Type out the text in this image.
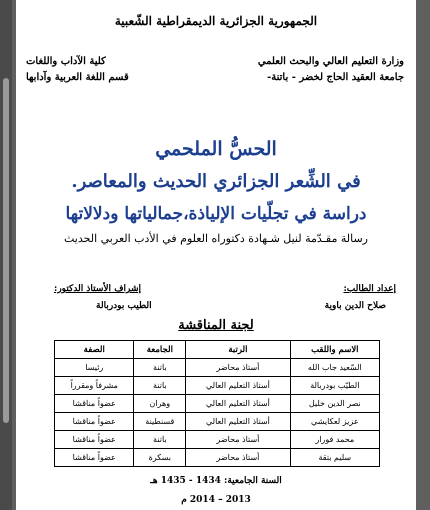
الجمهورية الجزائرية الديمقراطية الشّعبية
وزارة التعليم العالي والبحث العلمي
جامعة العقيد الحاج لخضر - باتنة-
كلية الآداب واللغات
قسم اللغة العربية وآدابها
الحسُّ الملحمي
في الشِّعر الجزائري الحديث والمعاصر.
دراسة في تجلّيات الإلياذة،جمالياتها ودلالاتها
رسالة مقـدّمة لنيل شـهادة دكتوراه العلوم في الأدب العربي الحديث
إعداد الطالب:
صلاح الدين باوية
إشراف الأستاذ الدكتور:
الطيب بودربالة
لجنة المناقشة
الاسم واللقب	الرتبة	الجامعة	الصفة
السّعيد جاب الله	أستاذ محاضر	باتنة	رئيسا
الطيّب بودربالة	أستاذ التعليم العالي	باتنة	مشرفاً ومقرراً
نصر الدين خليل	أستاذ التعليم العالي	وهران	عضواً مناقشا
عزيز لعكايشي	أستاذ التعليم العالي	قسنطينة	عضواً مناقشا
محمد فورار	أستاذ محاضر	باتنة	عضواً مناقشا
سليم بتقة	أستاذ محاضر	بسكرة	عضواً مناقشا
السنة الجامعية: 1434 - 1435 هـ
2013 – 2014 م
